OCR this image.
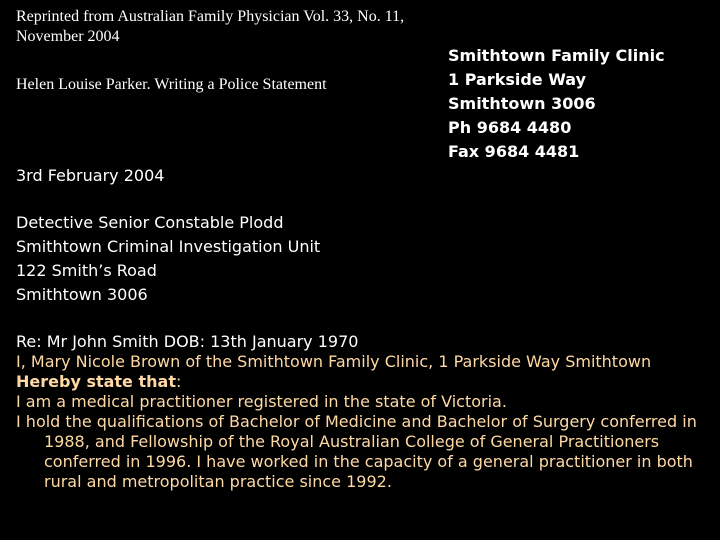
Reprinted from Australian Family Physician Vol. 33, No. 11, November 2004
Helen Louise Parker. Writing a Police Statement
Smithtown Family Clinic
1 Parkside Way
Smithtown 3006
Ph 9684 4480
Fax 9684 4481
3rd February 2004
Detective Senior Constable Plodd
Smithtown Criminal Investigation Unit
122 Smith’s Road
Smithtown 3006
Re: Mr John Smith DOB: 13th January 1970
I, Mary Nicole Brown of the Smithtown Family Clinic, 1 Parkside Way Smithtown
Hereby state that:
I am a medical practitioner registered in the state of Victoria.
I hold the qualifications of Bachelor of Medicine and Bachelor of Surgery conferred in 1988, and Fellowship of the Royal Australian College of General Practitioners conferred in 1996. I have worked in the capacity of a general practitioner in both rural and metropolitan practice since 1992.
